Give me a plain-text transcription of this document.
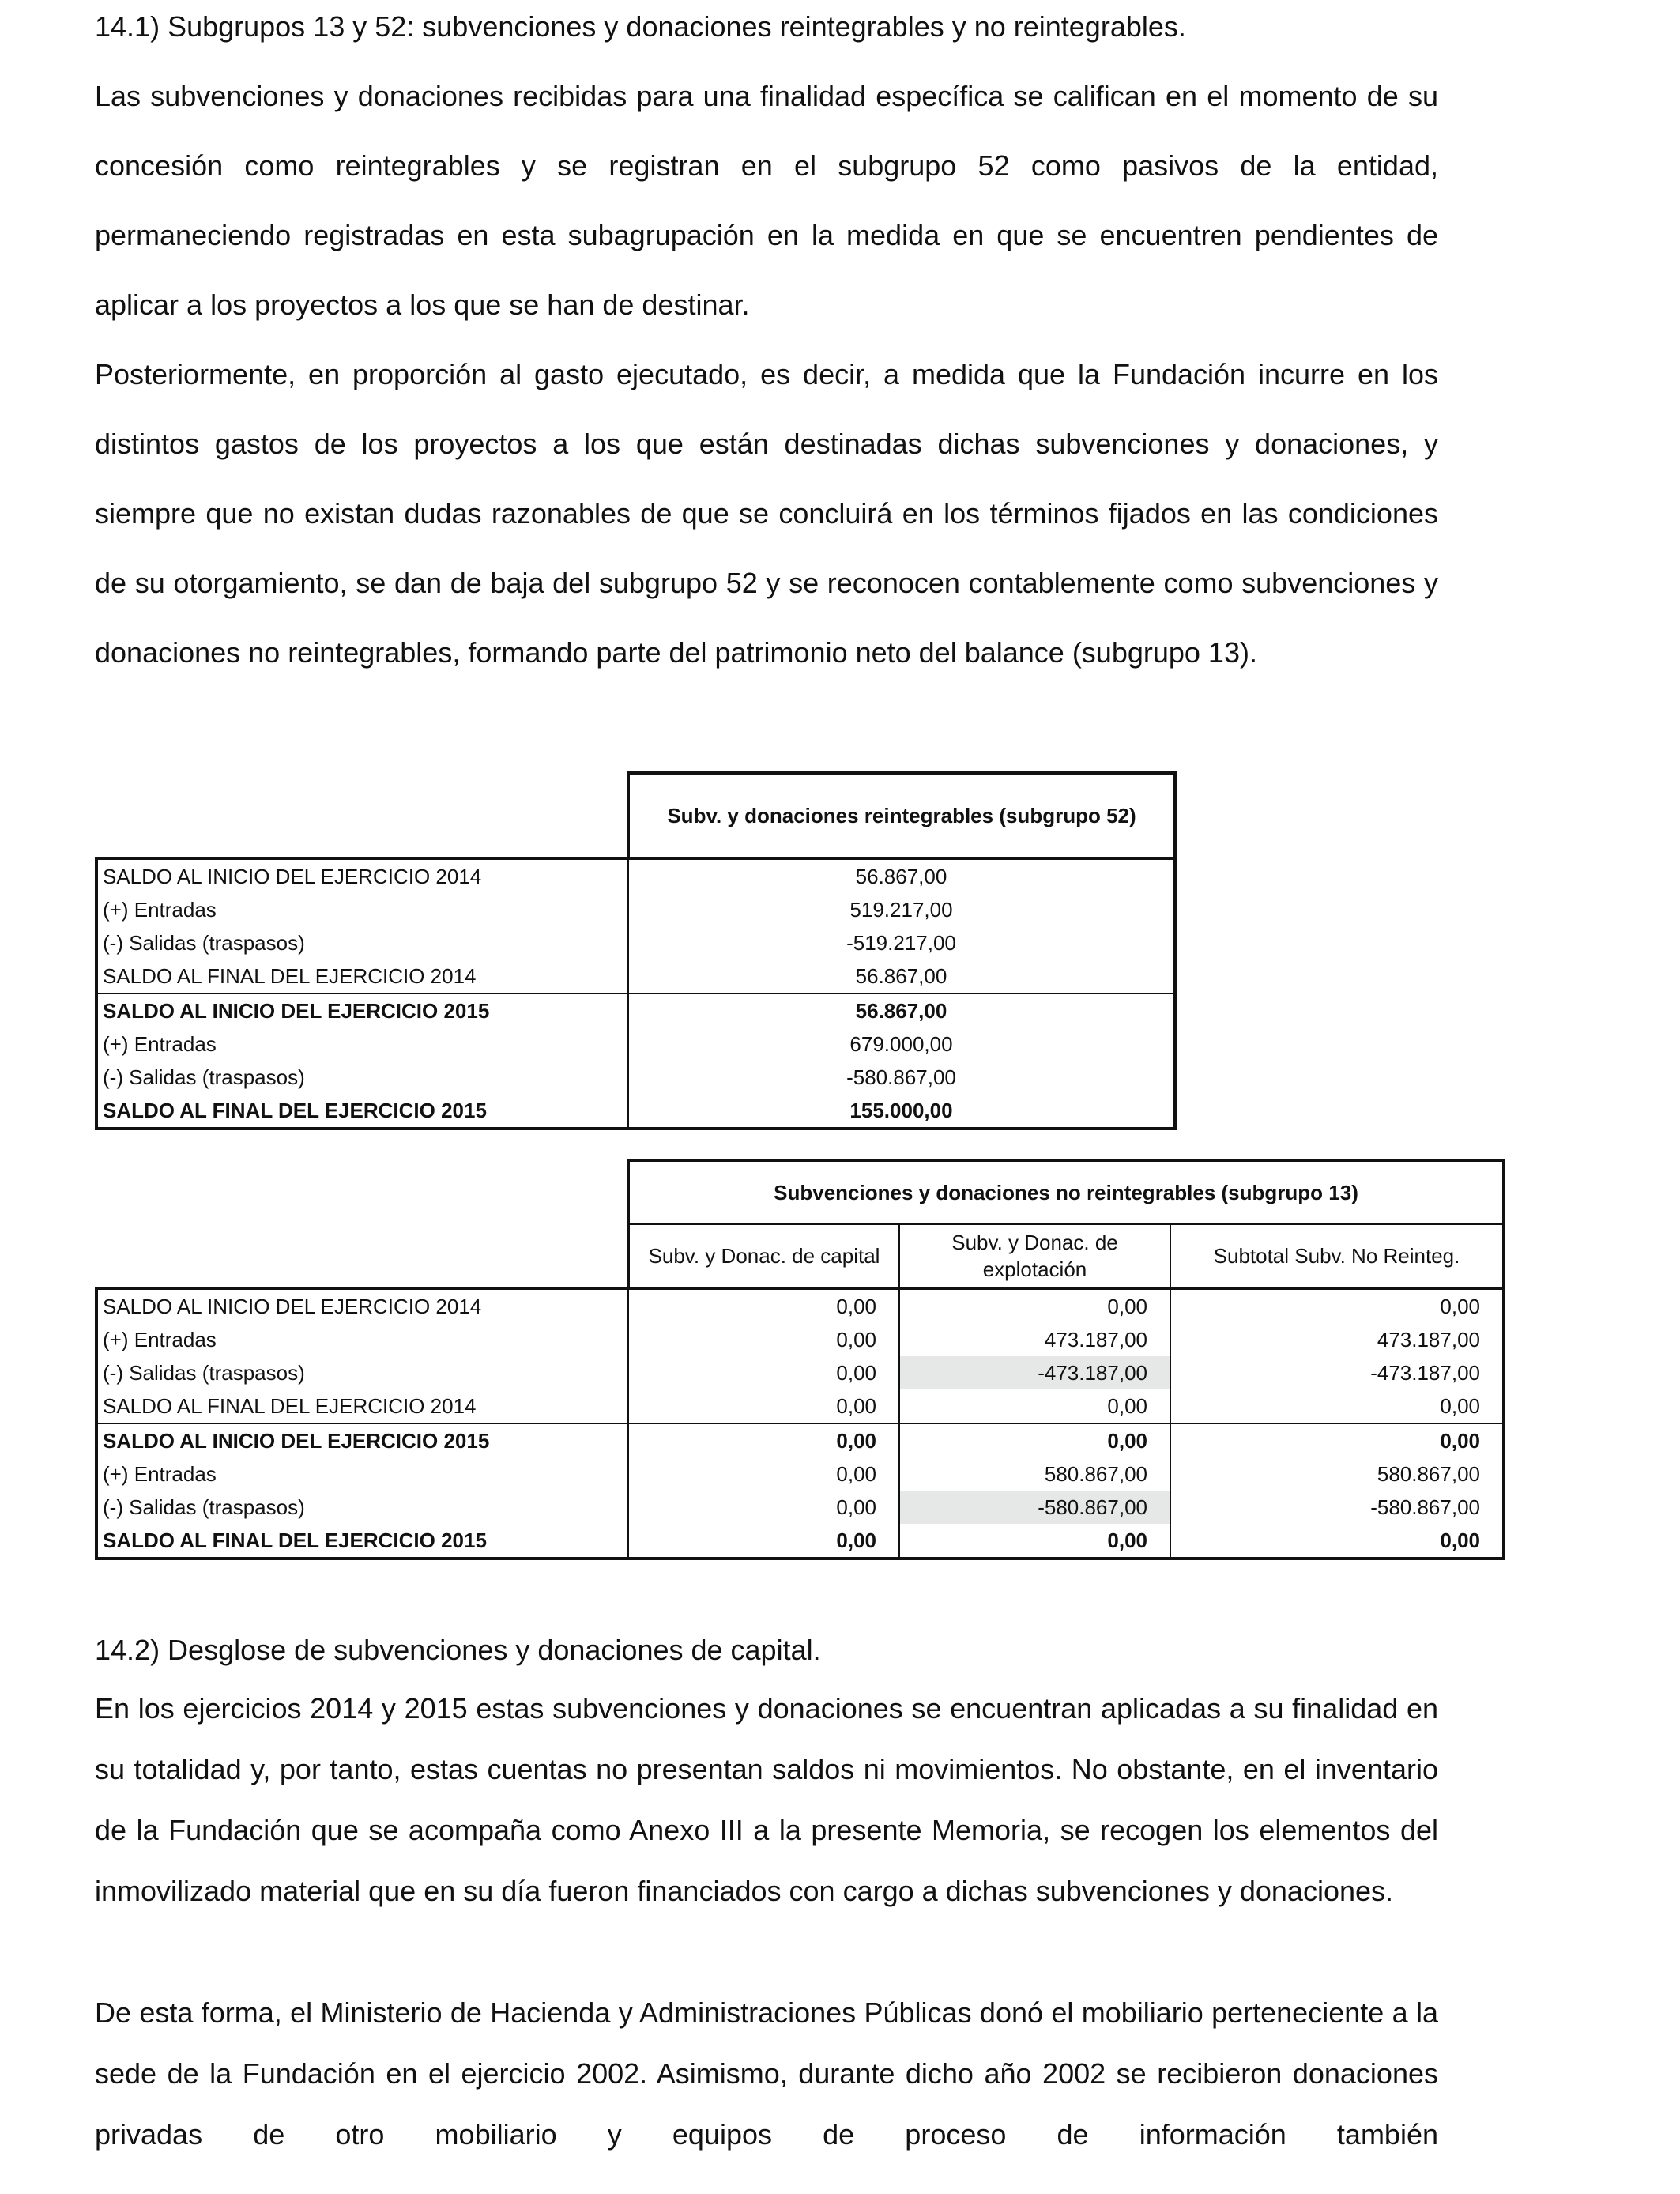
14.1) Subgrupos 13 y 52: subvenciones y donaciones reintegrables y no reintegrables.

Las subvenciones y donaciones recibidas para una finalidad específica se califican en el momento de su concesión como reintegrables y se registran en el subgrupo 52 como pasivos de la entidad, permaneciendo registradas en esta subagrupación en la medida en que se encuentren pendientes de aplicar a los proyectos a los que se han de destinar.

Posteriormente, en proporción al gasto ejecutado, es decir, a medida que la Fundación incurre en los distintos gastos de los proyectos a los que están destinadas dichas subvenciones y donaciones, y siempre que no existan dudas razonables de que se concluirá en los términos fijados en las condiciones de su otorgamiento, se dan de baja del subgrupo 52 y se reconocen contablemente como subvenciones y donaciones no reintegrables, formando parte del patrimonio neto del balance (subgrupo 13).

	Subv. y donaciones reintegrables (subgrupo 52)
SALDO AL INICIO DEL EJERCICIO 2014	56.867,00
(+) Entradas	519.217,00
(-) Salidas (traspasos)	-519.217,00
SALDO AL FINAL DEL EJERCICIO 2014	56.867,00
SALDO AL INICIO DEL EJERCICIO 2015	56.867,00
(+) Entradas	679.000,00
(-) Salidas (traspasos)	-580.867,00
SALDO AL FINAL DEL EJERCICIO 2015	155.000,00
	Subvenciones y donaciones no reintegrables (subgrupo 13)		
	Subv. y Donac. de capital	Subv. y Donac. de explotación	Subtotal Subv. No Reinteg.
SALDO AL INICIO DEL EJERCICIO 2014	0,00	0,00	0,00
(+) Entradas	0,00	473.187,00	473.187,00
(-) Salidas (traspasos)	0,00	-473.187,00	-473.187,00
SALDO AL FINAL DEL EJERCICIO 2014	0,00	0,00	0,00
SALDO AL INICIO DEL EJERCICIO 2015	0,00	0,00	0,00
(+) Entradas	0,00	580.867,00	580.867,00
(-) Salidas (traspasos)	0,00	-580.867,00	-580.867,00
SALDO AL FINAL DEL EJERCICIO 2015	0,00	0,00	0,00
14.2) Desglose de subvenciones y donaciones de capital.

En los ejercicios 2014 y 2015 estas subvenciones y donaciones se encuentran aplicadas a su finalidad en su totalidad y, por tanto, estas cuentas no presentan saldos ni movimientos. No obstante, en el inventario de la Fundación que se acompaña como Anexo III a la presente Memoria, se recogen los elementos del inmovilizado material que en su día fueron financiados con cargo a dichas subvenciones y donaciones.

De esta forma, el Ministerio de Hacienda y Administraciones Públicas donó el mobiliario perteneciente a la sede de la Fundación en el ejercicio 2002. Asimismo, durante dicho año 2002 se recibieron donaciones privadas de otro mobiliario y equipos de proceso de información también
